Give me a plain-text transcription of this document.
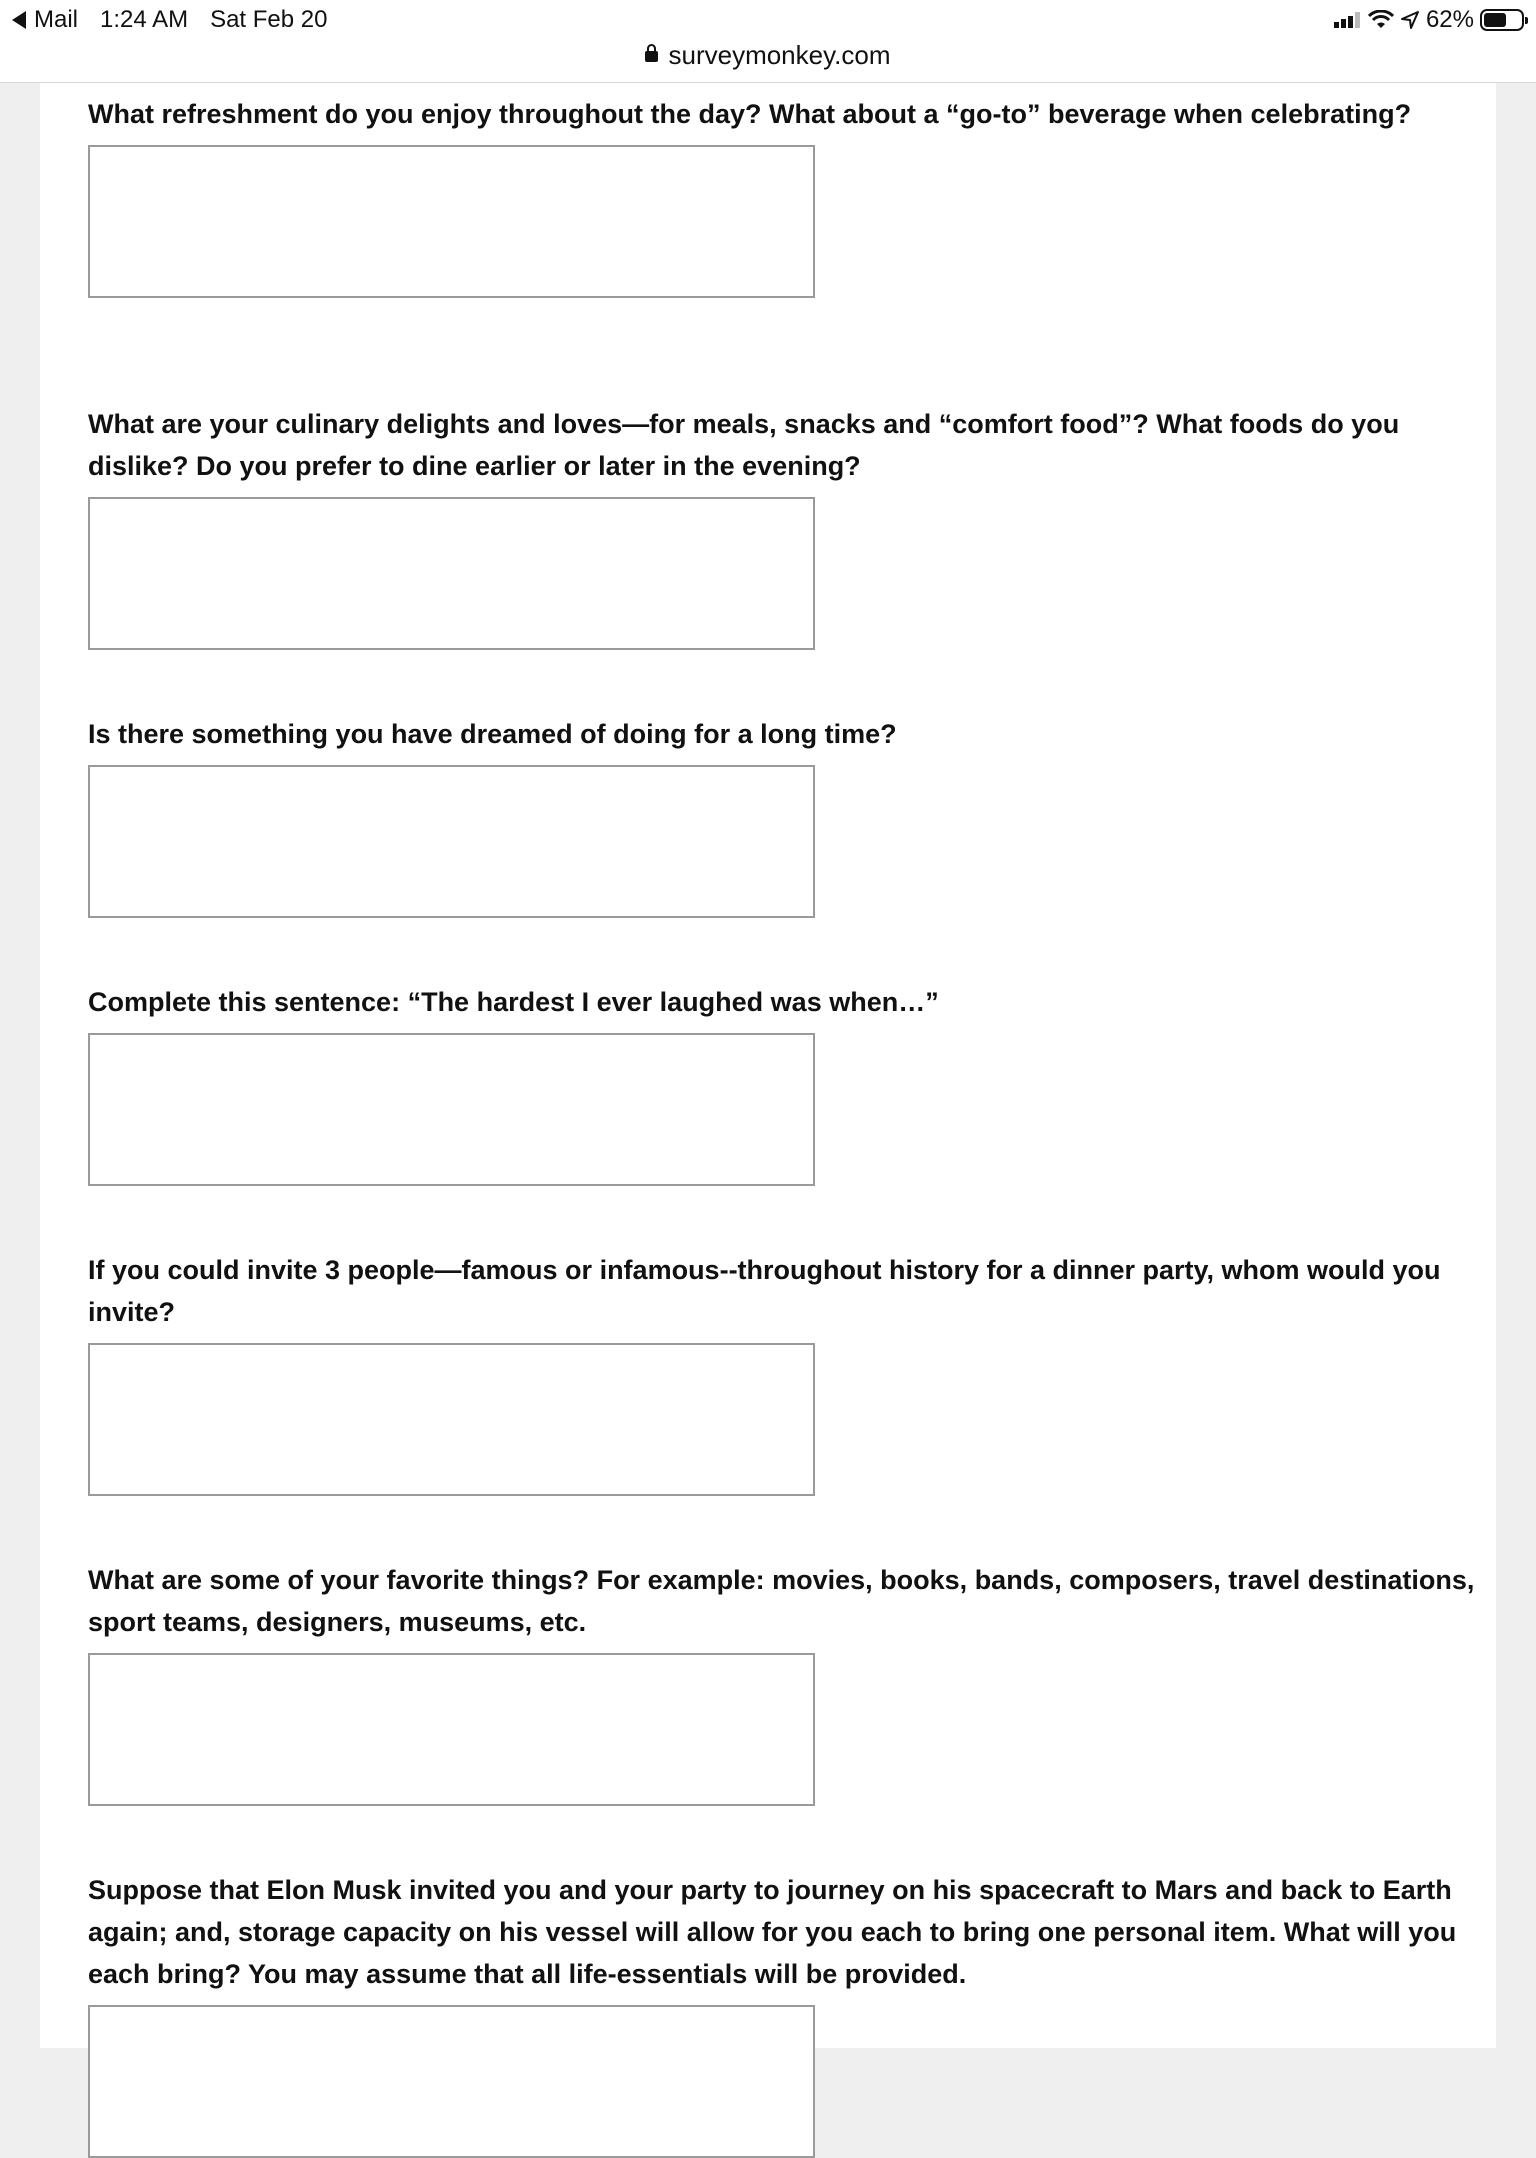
Mail 1:24 AM Sat Feb 20	62%
surveymonkey.com

What refreshment do you enjoy throughout the day? What about a “go-to” beverage when celebrating?

What are your culinary delights and loves—for meals, snacks and “comfort food”? What foods do you dislike? Do you prefer to dine earlier or later in the evening?

Is there something you have dreamed of doing for a long time?

Complete this sentence: “The hardest I ever laughed was when…”

If you could invite 3 people—famous or infamous--throughout history for a dinner party, whom would you invite?

What are some of your favorite things? For example: movies, books, bands, composers, travel destinations, sport teams, designers, museums, etc.

Suppose that Elon Musk invited you and your party to journey on his spacecraft to Mars and back to Earth again; and, storage capacity on his vessel will allow for you each to bring one personal item. What will you each bring? You may assume that all life-essentials will be provided.
